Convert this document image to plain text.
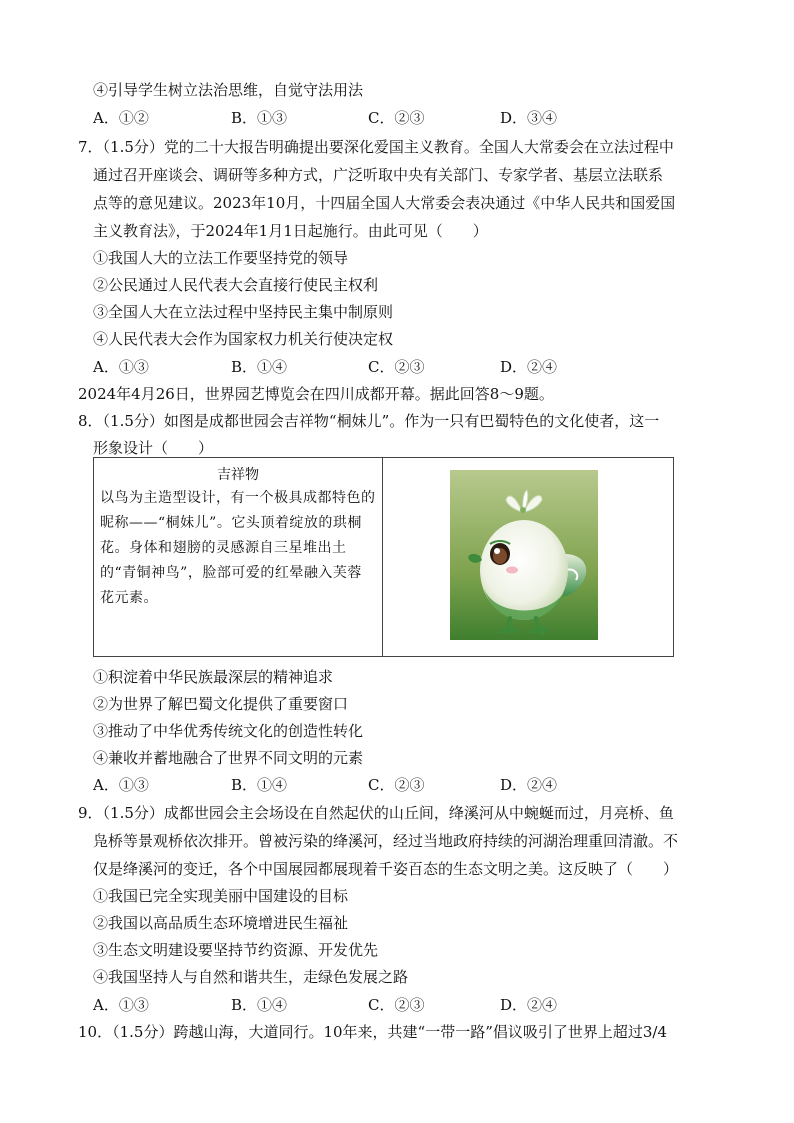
④引导学生树立法治思维，自觉守法用法
A．①②	B．①③	C．②③	D．③④
7．（1.5分）党的二十大报告明确提出要深化爱国主义教育。全国人大常委会在立法过程中
通过召开座谈会、调研等多种方式，广泛听取中央有关部门、专家学者、基层立法联系
点等的意见建议。2023年10月，十四届全国人大常委会表决通过《中华人民共和国爱国
主义教育法》，于2024年1月1日起施行。由此可见（　　）
①我国人大的立法工作要坚持党的领导
②公民通过人民代表大会直接行使民主权利
③全国人大在立法过程中坚持民主集中制原则
④人民代表大会作为国家权力机关行使决定权
A．①③	B．①④	C．②③	D．②④
2024年4月26日，世界园艺博览会在四川成都开幕。据此回答8～9题。
8．（1.5分）如图是成都世园会吉祥物“桐妹儿”。作为一只有巴蜀特色的文化使者，这一
形象设计（　　）
吉祥物
以鸟为主造型设计，有一个极具成都特色的昵称——“桐妹儿”。它头顶着绽放的珙桐花。身体和翅膀的灵感源自三星堆出土的“青铜神鸟”，脸部可爱的红晕融入芙蓉花元素。
①积淀着中华民族最深层的精神追求
②为世界了解巴蜀文化提供了重要窗口
③推动了中华优秀传统文化的创造性转化
④兼收并蓄地融合了世界不同文明的元素
A．①③	B．①④	C．②③	D．②④
9．（1.5分）成都世园会主会场设在自然起伏的山丘间，绛溪河从中蜿蜒而过，月亮桥、鱼
凫桥等景观桥依次排开。曾被污染的绛溪河，经过当地政府持续的河湖治理重回清澈。不
仅是绛溪河的变迁，各个中国展园都展现着千姿百态的生态文明之美。这反映了（　　）
①我国已完全实现美丽中国建设的目标
②我国以高品质生态环境增进民生福祉
③生态文明建设要坚持节约资源、开发优先
④我国坚持人与自然和谐共生，走绿色发展之路
A．①③	B．①④	C．②③	D．②④
10．（1.5分）跨越山海，大道同行。10年来，共建“一带一路”倡议吸引了世界上超过3/4
